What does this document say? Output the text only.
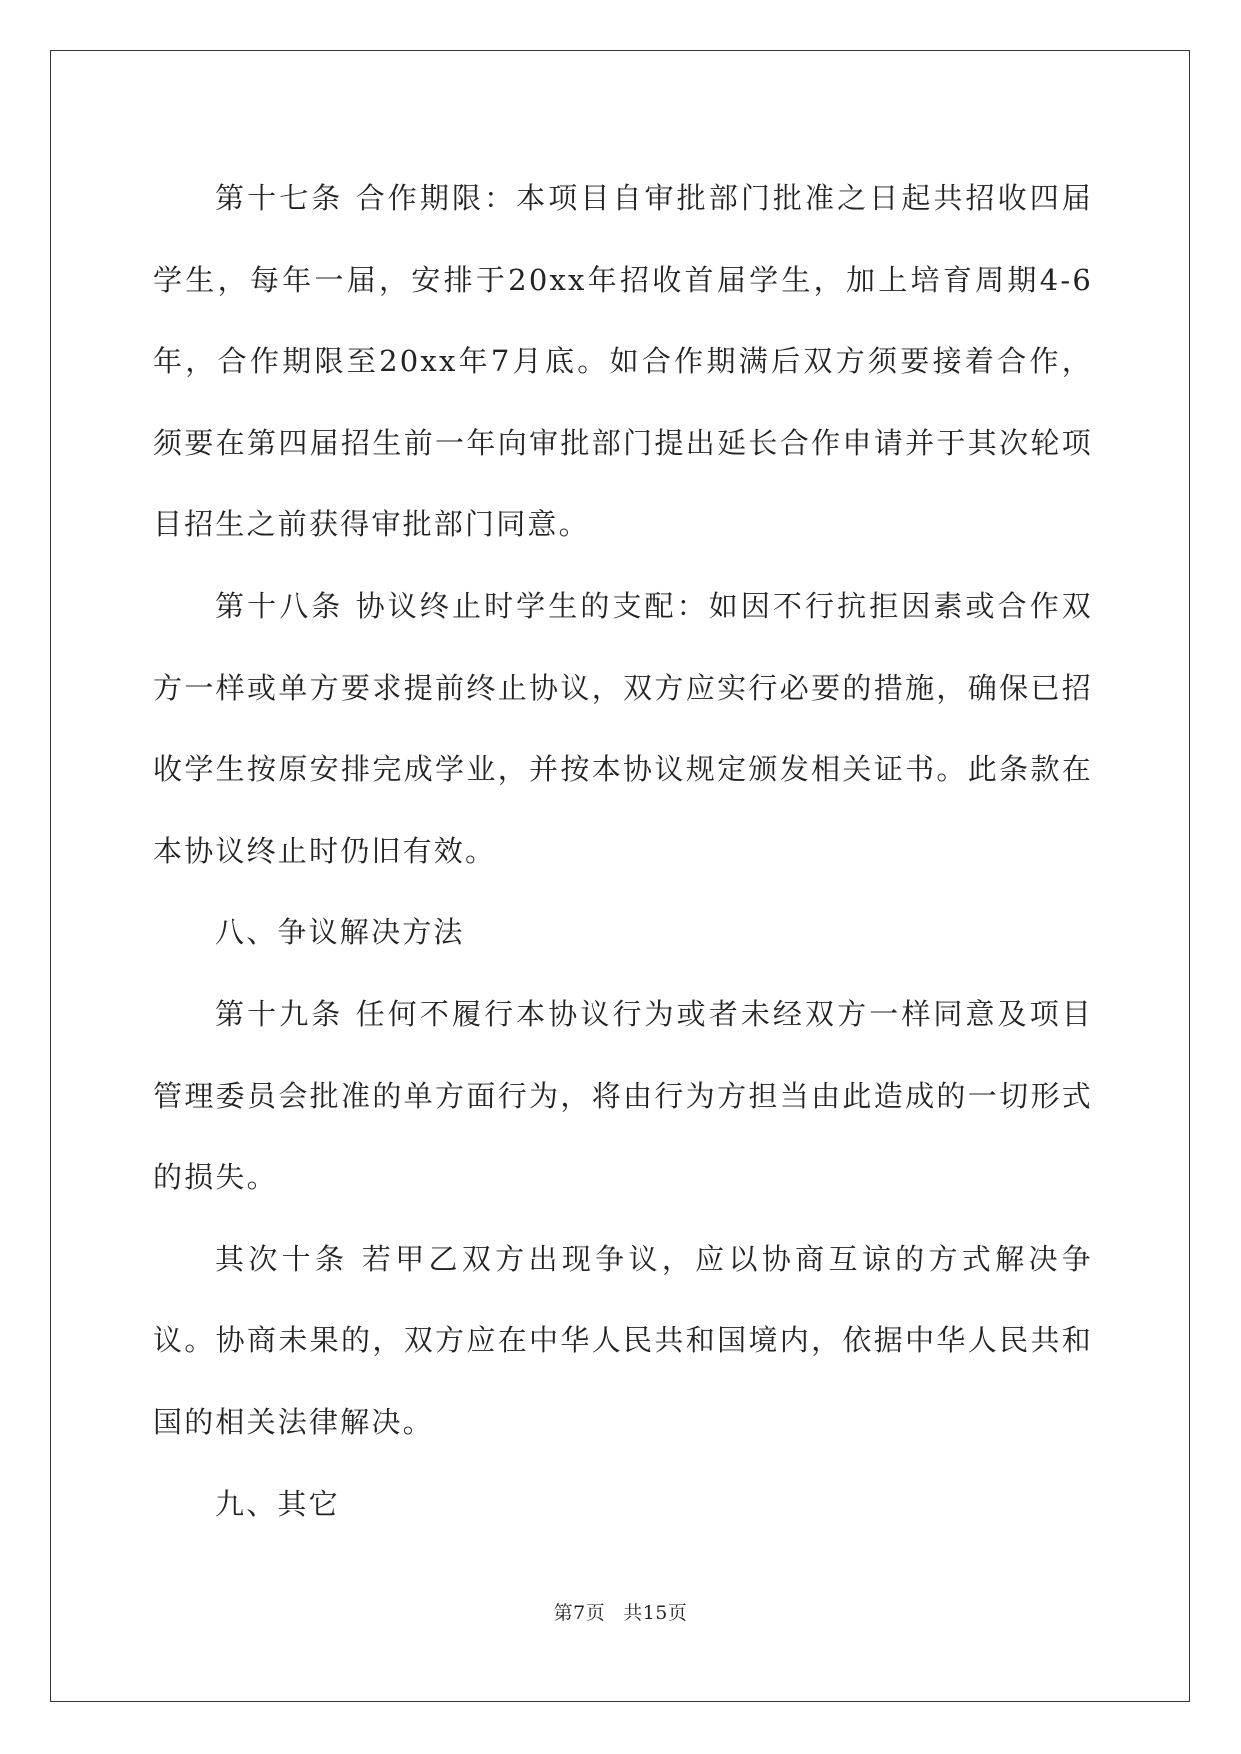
第十七条 合作期限：本项目自审批部门批准之日起共招收四届学生，每年一届，安排于20xx年招收首届学生，加上培育周期4-6年，合作期限至20xx年7月底。如合作期满后双方须要接着合作，须要在第四届招生前一年向审批部门提出延长合作申请并于其次轮项目招生之前获得审批部门同意。

第十八条 协议终止时学生的支配：如因不行抗拒因素或合作双方一样或单方要求提前终止协议，双方应实行必要的措施，确保已招收学生按原安排完成学业，并按本协议规定颁发相关证书。此条款在本协议终止时仍旧有效。

八、争议解决方法

第十九条 任何不履行本协议行为或者未经双方一样同意及项目管理委员会批准的单方面行为，将由行为方担当由此造成的一切形式的损失。

其次十条 若甲乙双方出现争议，应以协商互谅的方式解决争议。协商未果的，双方应在中华人民共和国境内，依据中华人民共和国的相关法律解决。

九、其它

第7页 共15页
